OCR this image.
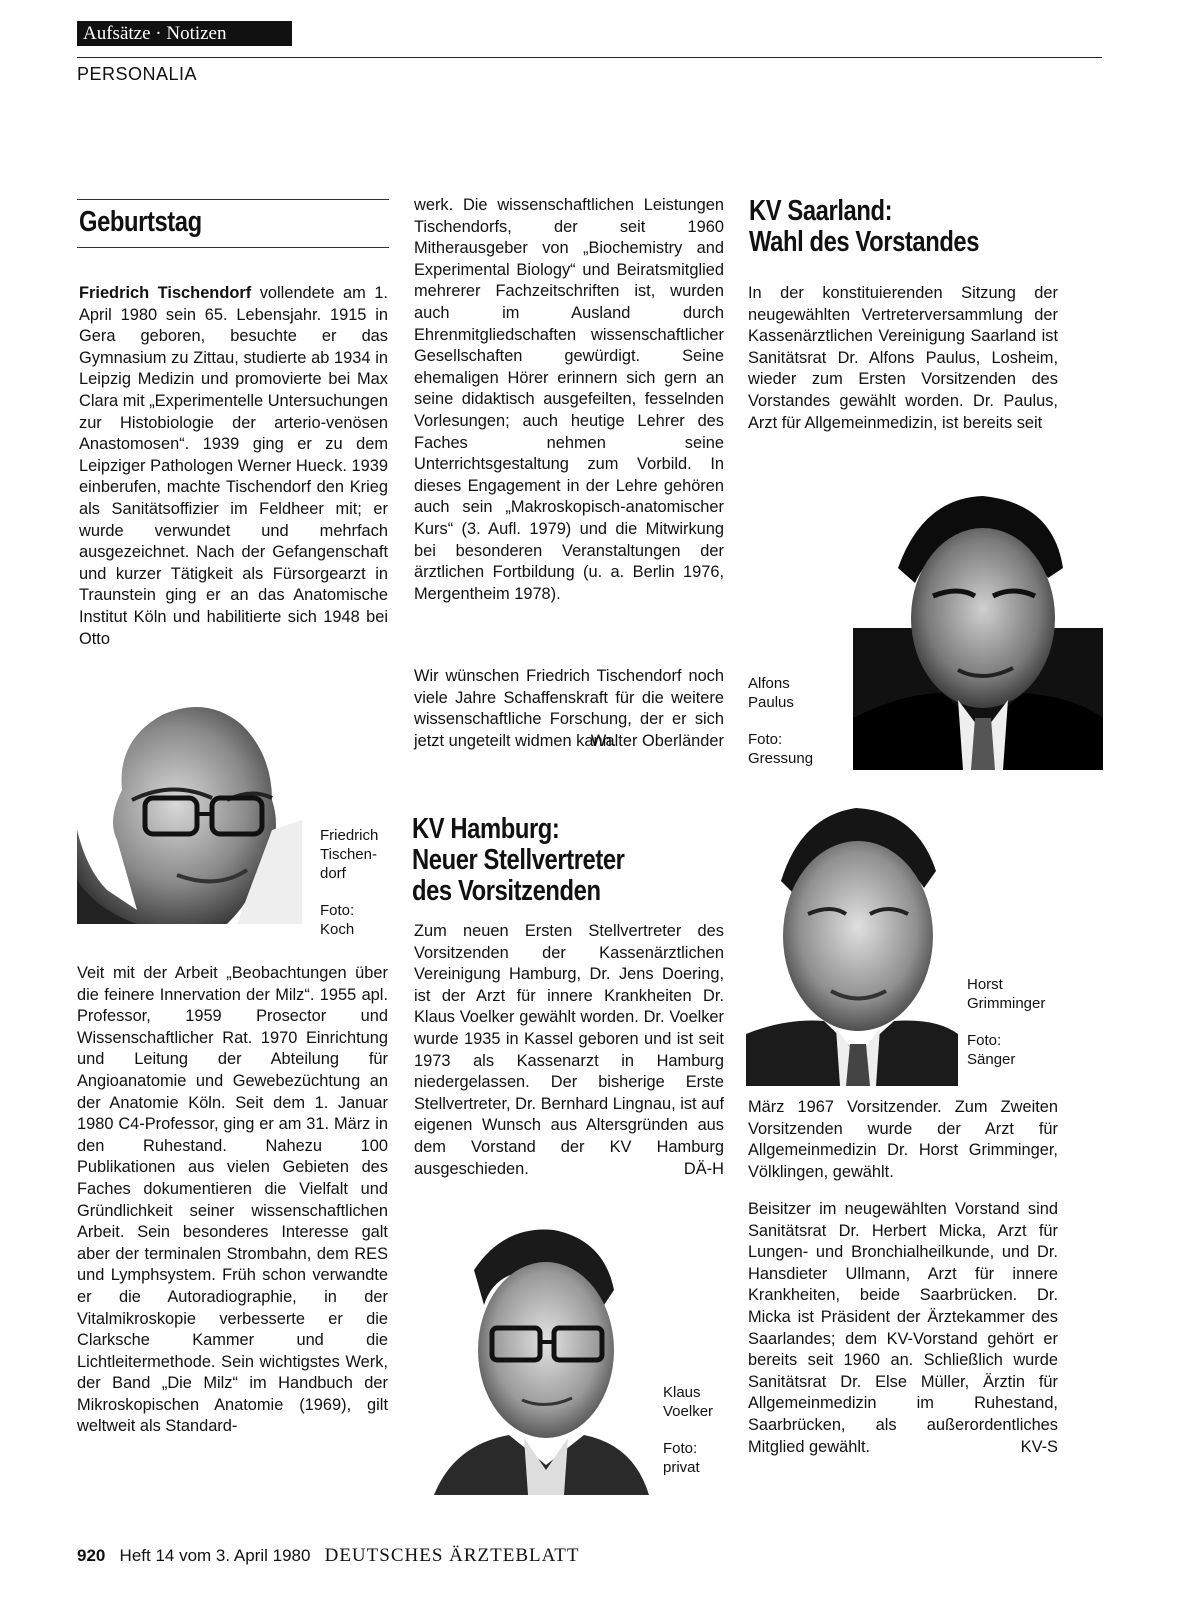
Aufsätze · Notizen
PERSONALIA
Geburtstag

Friedrich Tischendorf vollendete am 1. April 1980 sein 65. Lebensjahr. 1915 in Gera geboren, besuchte er das Gymnasium zu Zittau, studierte ab 1934 in Leipzig Medizin und promovierte bei Max Clara mit „Experimentelle Untersuchungen zur Histobiologie der arterio-venösen Anastomosen“. 1939 ging er zu dem Leipziger Pathologen Werner Hueck. 1939 einberufen, machte Tischendorf den Krieg als Sanitätsoffizier im Feldheer mit; er wurde verwundet und mehrfach ausgezeichnet. Nach der Gefangenschaft und kurzer Tätigkeit als Fürsorgearzt in Traunstein ging er an das Anatomische Institut Köln und habilitierte sich 1948 bei Otto

Friedrich
Tischen-
dorf

Foto:
Koch

Veit mit der Arbeit „Beobachtungen über die feinere Innervation der Milz“. 1955 apl. Professor, 1959 Prosector und Wissenschaftlicher Rat. 1970 Einrichtung und Leitung der Abteilung für Angioanatomie und Gewebezüchtung an der Anatomie Köln. Seit dem 1. Januar 1980 C4-Professor, ging er am 31. März in den Ruhestand. Nahezu 100 Publikationen aus vielen Gebieten des Faches dokumentieren die Vielfalt und Gründlichkeit seiner wissenschaftlichen Arbeit. Sein besonderes Interesse galt aber der terminalen Strombahn, dem RES und Lymphsystem. Früh schon verwandte er die Autoradiographie, in der Vitalmikroskopie verbesserte er die Clarksche Kammer und die Lichtleitermethode. Sein wichtigstes Werk, der Band „Die Milz“ im Handbuch der Mikroskopischen Anatomie (1969), gilt weltweit als Standard-

werk. Die wissenschaftlichen Leistungen Tischendorfs, der seit 1960 Mitherausgeber von „Biochemistry and Experimental Biology“ und Beiratsmitglied mehrerer Fachzeitschriften ist, wurden auch im Ausland durch Ehrenmitgliedschaften wissenschaftlicher Gesellschaften gewürdigt. Seine ehemaligen Hörer erinnern sich gern an seine didaktisch ausgefeilten, fesselnden Vorlesungen; auch heutige Lehrer des Faches nehmen seine Unterrichtsgestaltung zum Vorbild. In dieses Engagement in der Lehre gehören auch sein „Makroskopisch-anatomischer Kurs“ (3. Aufl. 1979) und die Mitwirkung bei besonderen Veranstaltungen der ärztlichen Fortbildung (u. a. Berlin 1976, Mergentheim 1978).

Wir wünschen Friedrich Tischendorf noch viele Jahre Schaffenskraft für die weitere wissenschaftliche Forschung, der er sich jetzt ungeteilt widmen kann.

Walter Oberländer
KV Hamburg:
Neuer Stellvertreter
des Vorsitzenden

Zum neuen Ersten Stellvertreter des Vorsitzenden der Kassenärztlichen Vereinigung Hamburg, Dr. Jens Doering, ist der Arzt für innere Krankheiten Dr. Klaus Voelker gewählt worden. Dr. Voelker wurde 1935 in Kassel geboren und ist seit 1973 als Kassenarzt in Hamburg niedergelassen. Der bisherige Erste Stellvertreter, Dr. Bernhard Lingnau, ist auf eigenen Wunsch aus Altersgründen aus dem Vorstand der KV Hamburg ausgeschieden.	DÄ-H

Klaus
Voelker

Foto:
privat

KV Saarland:
Wahl des Vorstandes

In der konstituierenden Sitzung der neugewählten Vertreterversammlung der Kassenärztlichen Vereinigung Saarland ist Sanitätsrat Dr. Alfons Paulus, Losheim, wieder zum Ersten Vorsitzenden des Vorstandes gewählt worden. Dr. Paulus, Arzt für Allgemeinmedizin, ist bereits seit

Alfons
Paulus

Foto:
Gressung

Horst
Grimminger

Foto:
Sänger

März 1967 Vorsitzender. Zum Zweiten Vorsitzenden wurde der Arzt für Allgemeinmedizin Dr. Horst Grimminger, Völklingen, gewählt.

Beisitzer im neugewählten Vorstand sind Sanitätsrat Dr. Herbert Micka, Arzt für Lungen- und Bronchialheilkunde, und Dr. Hansdieter Ullmann, Arzt für innere Krankheiten, beide Saarbrücken. Dr. Micka ist Präsident der Ärztekammer des Saarlandes; dem KV-Vorstand gehört er bereits seit 1960 an. Schließlich wurde Sanitätsrat Dr. Else Müller, Ärztin für Allgemeinmedizin im Ruhestand, Saarbrücken, als außerordentliches Mitglied gewählt.	KV-S
920 Heft 14 vom 3. April 1980 DEUTSCHES ÄRZTEBLATT
